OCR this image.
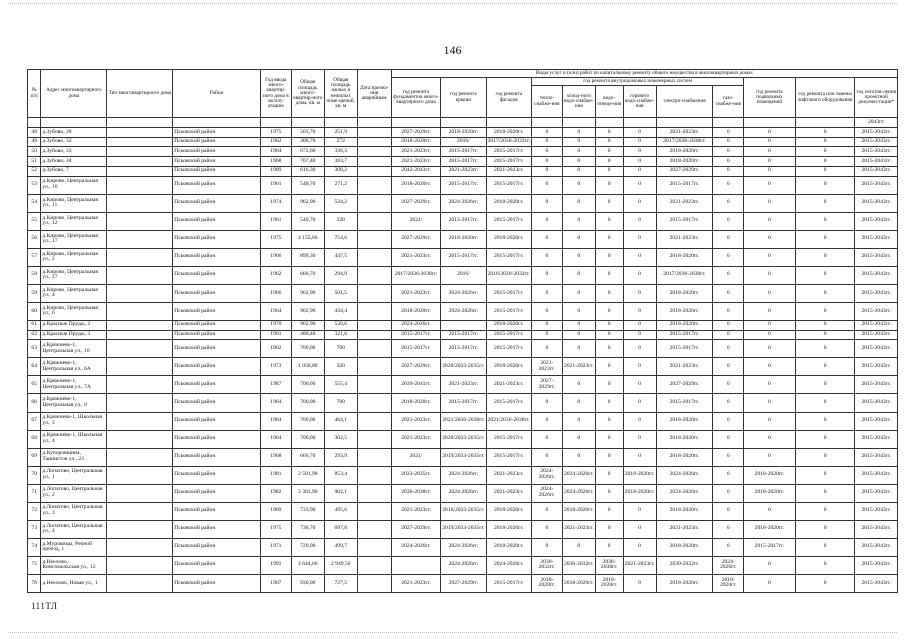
146
№ п/п	Адрес многоквартирного дома	Тип многоквартирного дома	Район	Год ввода много-квартир-ного дома в эксплу-атацию	Общая площадь много-квартир-ного дома, кв. м	Общая площадь жилых и нежилых поме-щений, кв. м	Дата призна-ния аварийным	Виды услуг и (или) работ по капитальному ремонту общего имущества в многоквартирных домах											
								год ремонта фундаментов много-квартирного дома	год ремонта крыши	год ремонта фасадов	год ремонта внутридомовых инженерных систем						год ремонта подвальных помещений	год ремонта или замены лифтового оборудования	год изготов-ления проектной докумен-тации*
											тепло-снабже-ния	холод-ного водо-снабже-ния	водо-отведе-ния	горячего водо-снабже-ния	электро-снабжения	газо-снабже-ния			
																			2043гг.
48	д.Зубово, 28		Псковский район	1975	503,70	251,9		2027-2029гг.	2018-2020гг.	2018-2020гг.	0	0	0	0	2021-2023гг.	0	0	0	2015-2043гг.
49	д.Зубово, 32		Псковский район	1962	300,70	272		2018-2020гг.	2016/	2017/2030-2032гг.	0	0	0	0	2017/2036-2038гг.	0	0	0	2015-2043гг.
50	д.Зубово, 33		Псковский район	1964	672,60	336,3		2021-2023гг.	2015-2017гг.	2015-2017гг.	0	0	0	0	2018-2020гг.	0	0	0	2015-2043гг.
51	д.Зубово, 34		Псковский район	1968	767,40	383,7		2021-2023гг.	2015-2017гг.	2015-2017гг.	0	0	0	0	2018-2020гг.	0	0	0	2015-2043гг.
52	д.Зубово, 7		Псковский район	1989	616,30	308,2		2042-2043гг.	2021-2023гг.	2021-2023гг.	0	0	0	0	2027-2029гг.	0	0	0	2015-2043гг.
53	д.Кирово, Центральная ул., 10		Псковский район	1961	540,70	271,2		2018-2020гг.	2015-2017гг.	2015-2017гг.	0	0	0	0	2015-2017гг.	0	0	0	2015-2043гг.
54	д.Кирово, Центральная ул., 11		Псковский район	1974	962,90	534,2		2027-2029гг.	2024-2026гг.	2018-2020гг.	0	0	0	0	2021-2023гг.	0	0	0	2015-2043гг.
55	д.Кирово, Центральная ул., 12		Псковский район	1961	540,70	320		2021/	2015-2017гг.	2015-2017гг.	0	0	0	0	2015-2017гг.	0	0	0	2015-2043гг.
56	д.Кирово, Центральная ул., 17		Псковский район	1975	4 155,60	754,6		2027-2029гг.	2018-2020гг.	2018-2020гг.	0	0	0	0	2021-2023гг.	0	0	0	2015-2043гг.
57	д.Кирово, Центральная ул., 2		Псковский район	1966	899,30	447,5		2021-2023гг.	2015-2017гг.	2015-2017гг.	0	0	0	0	2018-2020гг.	0	0	0	2015-2043гг.
58	д.Кирово, Центральная ул., 27		Псковский район	1962	666,70	294,9		2017/2036-2038гг.	2016/	2016/2030-2032гг.	0	0	0	0	2017/2036-2038гг.	0	0	0	2015-2043гг.
59	д.Кирово, Центральная ул., 4		Псковский район	1966	962,90	501,5		2021-2023гг.	2024-2026гг.	2015-2017гг.	0	0	0	0	2018-2020гг.	0	0	0	2015-2043гг.
60	д.Кирово, Центральная ул., 6		Псковский район	1964	962,90	434,4		2018-2020гг.	2024-2026гг.	2015-2017гг.	0	0	0	0	2018-2020гг.	0	0	0	2015-2043гг.
61	д.Красные Пруды, 2		Псковский район	1970	962,90	530,6		2024-2026гг.		2018-2020гг.	0	0	0	0	2018-2020гг.	0	0	0	2015-2043гг.
62	д.Красные Пруды, 3		Псковский район	1961	480,40	321,6		2015-2017гг.	2015-2017гг.	2015-2017гг.	0	0	0	0	2015-2017гг.	0	0	0	2015-2043гг.
63	д.Кряжнево-1, Центральная ул., 10		Псковский район	1962	700,00	700		2015-2017гг.	2015-2017гг.	2015-2017гг.	0	0	0	0	2015-2017гг.	0	0	0	2015-2043гг.
64	д.Кряжнево-1, Центральная ул., 6А		Псковский район	1973	1 050,80	320		2027-2029гг.	2020/2033-2035гг.	2018-2020гг.	2021-2023гг.	2021-2023гг.	0	0	2021-2023гг.	0	0	0	2015-2043гг.
65	д.Кряжнево-1, Центральная ул., 7А		Псковский район	1987	700,00	555,4		2039-2041гг.	2021-2023гг.	2021-2023гг.	2027-2029гг.	0	0	0	2027-2029гг.	0	0	0	2015-2043гг.
66	д.Кряжнево-1, Центральная ул., 8		Псковский район	1964	700,00	700		2018-2020гг.	2015-2017гг.	2015-2017гг.	0	0	0	0	2015-2017гг.	0	0	0	2015-2043гг.
67	д.Кряжнево-1, Школьная ул., 3		Псковский район	1964	700,00	464,1		2021-2023гг.	2021/2036-2038гг.	2021/2036-2038гг.	0	0	0	0	2018-2020гг.	0	0	0	2015-2043гг.
68	д.Кряжнево-1, Школьная ул., 4		Псковский район	1964	700,00	302,5		2021-2023гг.	2020/2033-2035гг.	2015-2017гг.	0	0	0	0	2018-2020гг.	0	0	0	2015-2043гг.
69	д.Купоровщина, Таиинстов ул., 23		Псковский район	1968	666,70	293,9		2021/	2019/2033-2035гг.	2015-2017гг.	0	0	0	0	2018-2020гг.	0	0	0	2015-2043гг.
70	д.Лопатово, Центральная ул., 1		Псковский район	1981	2 501,90	853,4		2033-2035гг.	2024-2026гг.	2021-2023гг.	2024-2026гг.	2024-2026гг.	0	2018-2020гг.	2024-2026гг.	0	2018-2020гг.	0	2015-2043гг.
71	д.Лопатово, Центральная ул., 2		Псковский район	1982	2 383,90	902,1		2036-2038гг.	2024-2026гг.	2021-2023гг.	2024-2026гг.	2024-2026гг.	0	2018-2020гг.	2024-2026гг.	0	2018-2020гг.	0	2015-2043гг.
72	д.Лопатово, Центральная ул., 3		Псковский район	1969	733,90	495,6		2021-2023гг.	2018/2033-2035гг.	2018-2020гг.	0	2018-2020гг.	0	0	2018-2020гг.	0	0	0	2015-2043гг.
73	д.Лопатово, Центральная ул., 4		Псковский район	1975	736,70	697,8		2027-2029гг.	2019/2033-2035гг.	2018-2020гг.	0	2021-2023гг.	0	0	2021-2023гг.	0	2018-2020гг.	0	2015-2043гг.
74	д.Муровицы, Речной проезд, 1		Псковский район	1971	720,00	499,7		2024-2026гг.	2024-2026гг.	2018-2020гг.	0	0	0	0	2018-2020гг.	0	2015-2017гг.	0	2015-2043гг.
75	д.Неелово, Комсомольская ул., 12		Псковский район	1991	4 644,60	2 949,50			2024-2026гг.	2024-2026гг.	2030-2032гг.	2030-2032гг.	2036-2038гг.	2021-2023гг.	2030-2032гг.	2024-2026гг.	0	0	2015-2043гг.
76	д.Неелово, Новая ул., 1		Псковский район	1967	930,00	727,5		2021-2023гг.	2027-2029гг.	2015-2017гг.	2018-2020гг.	2018-2020гг.	2018-2020гг.	0	2018-2020гг.	2018-2020гг.	0	0	2015-2043гг.
111ТЛ
